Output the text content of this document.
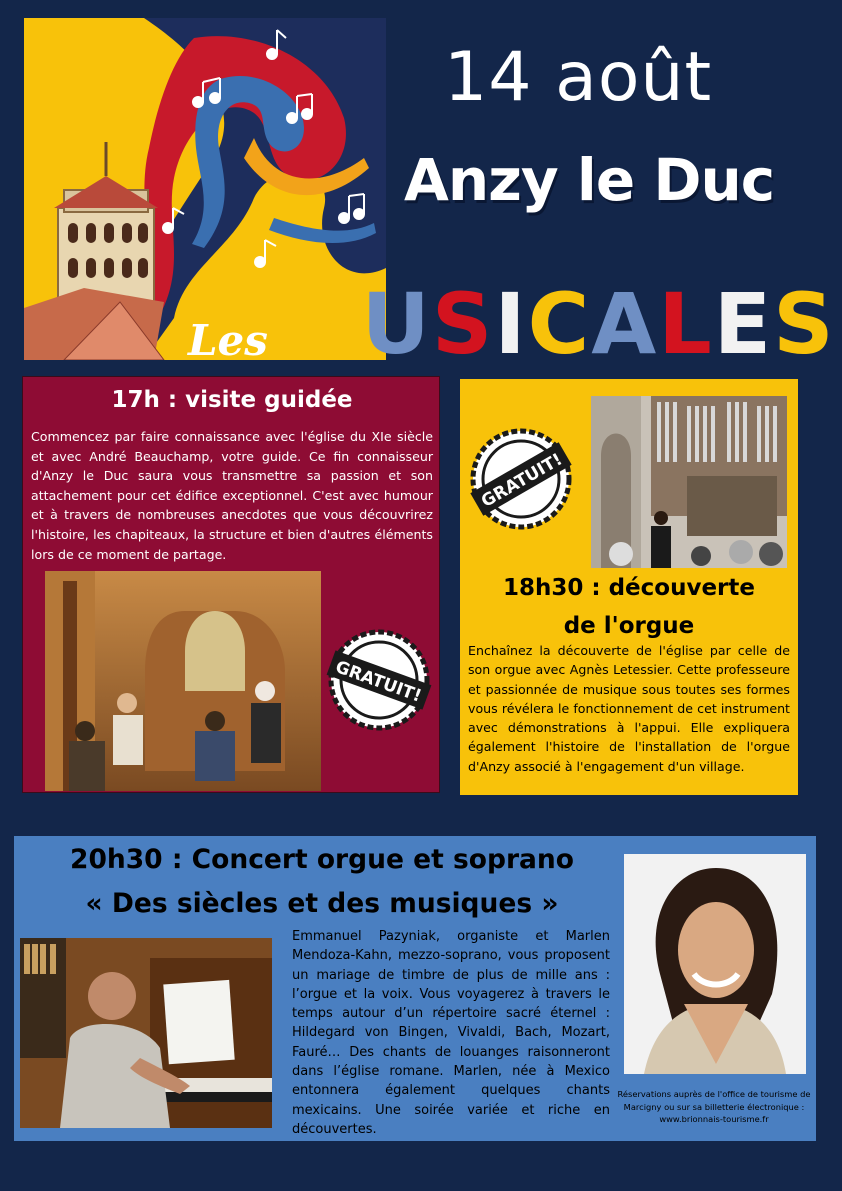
14 août
Anzy le Duc
Les MUSICALES
17h : visite guidée

Commencez par faire connaissance avec l'église du XIe siècle et avec André Beauchamp, votre guide. Ce fin connaisseur d'Anzy le Duc saura vous transmettre sa passion et son attachement pour cet édifice exceptionnel. C'est avec humour et à travers de nombreuses anecdotes que vous découvrirez l'histoire, les chapiteaux, la structure et bien d'autres éléments lors de ce moment de partage.

18h30 : découverte
de l'orgue

Enchaînez la découverte de l'église par celle de son orgue avec Agnès Letessier. Cette professeure et passionnée de musique sous toutes ses formes vous révélera le fonctionnement de cet instrument avec démonstrations à l'appui. Elle expliquera également l'histoire de l'installation de l'orgue d'Anzy associé à l'engagement d'un village.

GRATUIT!
GRATUIT!
20h30 : Concert orgue et soprano
« Des siècles et des musiques »

Emmanuel Pazyniak, organiste et Marlen Mendoza-Kahn, mezzo-soprano, vous proposent un mariage de timbre de plus de mille ans : l’orgue et la voix. Vous voyagerez à travers le temps autour d’un répertoire sacré éternel : Hildegard von Bingen, Vivaldi, Bach, Mozart, Fauré… Des chants de louanges raisonneront dans l’église romane. Marlen, née à Mexico entonnera également quelques chants mexicains. Une soirée variée et riche en découvertes.

Réservations auprès de l'office de tourisme de Marcigny ou sur sa billetterie électronique : www.brionnais-tourisme.fr
